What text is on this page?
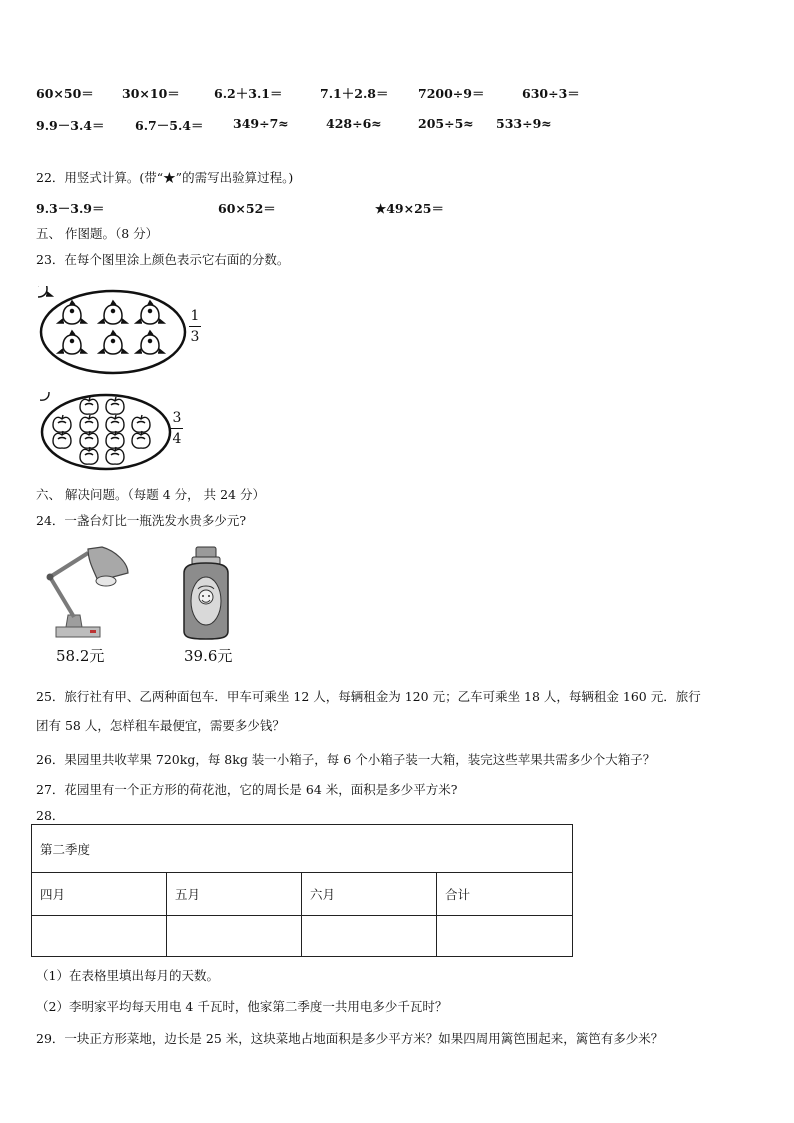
60×50＝ 30×10＝	6.2＋3.1＝	7.1＋2.8＝ 7200÷9＝	630÷3＝
9.9－3.4＝ 6.7－5.4＝ 349÷7≈	428÷6≈	205÷5≈ 533÷9≈
22．用竖式计算。(带“★”的需写出验算过程。)
9.3－3.9＝	60×52＝	★49×25＝
五、 作图题。（8 分）
23．在每个图里涂上颜色表示它右面的分数。
1
3
3
4
六、 解决问题。（每题 4 分， 共 24 分）
24．一盏台灯比一瓶洗发水贵多少元?
58.2元	39.6元
25．旅行社有甲、乙两种面包车．甲车可乘坐 12 人，每辆租金为 120 元；乙车可乘坐 18 人，每辆租金 160 元．旅行
团有 58 人，怎样租车最便宜，需要多少钱？
26．果园里共收苹果 720kg，每 8kg 装一小箱子，每 6 个小箱子装一大箱，装完这些苹果共需多少个大箱子？
27．花园里有一个正方形的荷花池，它的周长是 64 米，面积是多少平方米?
28．
第二季度			
四月	五月	六月	合计

（1）在表格里填出每月的天数。
（2）李明家平均每天用电 4 千瓦时，他家第二季度一共用电多少千瓦时？
29．一块正方形菜地，边长是 25 米，这块菜地占地面积是多少平方米？如果四周用篱笆围起来，篱笆有多少米？
